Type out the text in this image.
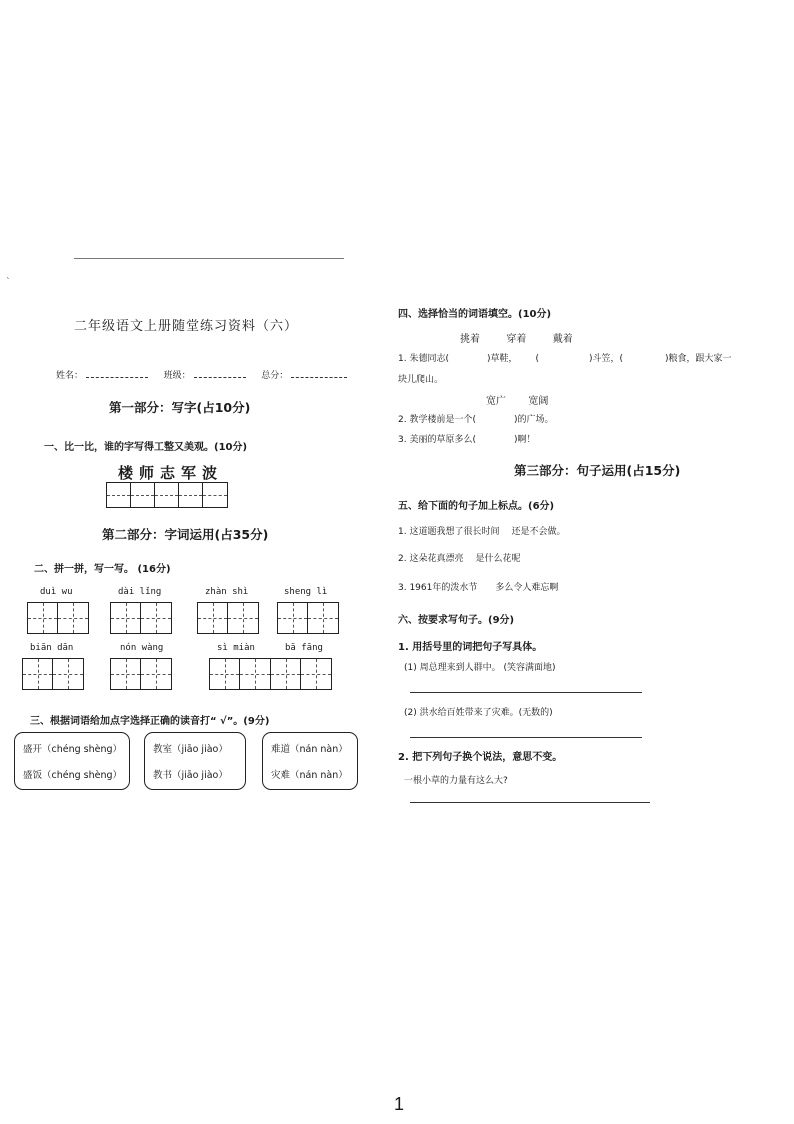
ˎ
二年级语文上册随堂练习资料（六）
姓名：	班级：	总分：
第一部分：写字(占10分)
一、比一比，谁的字写得工整又美观。(10分)
楼师志军波
第二部分：字词运用(占35分)
二、拼一拼，写一写。 (16分)
duì wu	dài lǐng	zhàn shì	sheng lì
biān dān	nón wàng	sì miàn	bā fāng
三、根据词语给加点字选择正确的读音打“ √”。(9分)
盛开（chéng shèng）
盛饭（chéng shèng）
教室（jiāo jiào）
教书（jiāo jiào）
难道（nán nàn）
灾难（nán nàn）
四、选择恰当的词语填空。(10分)
挑着	穿着	戴着
1. 朱德同志(	)草鞋， (	)斗笠，(	)粮食，跟大家一
块儿爬山。
宽广 宽阔
2. 教学楼前是一个(	)的广场。
3. 美丽的草原多么(	)啊！
第三部分：句子运用(占15分)
五、给下面的句子加上标点。(6分)
1. 这道题我想了很长时间 还是不会做。
2. 这朵花真漂亮 是什么花呢
3. 1961年的泼水节 多么令人难忘啊
六、按要求写句子。(9分)
1. 用括号里的词把句子写具体。
(1) 周总理来到人群中。 (笑容满面地)
(2) 洪水给百姓带来了灾难。(无数的)
2. 把下列句子换个说法，意思不变。
一根小草的力量有这么大?
1
